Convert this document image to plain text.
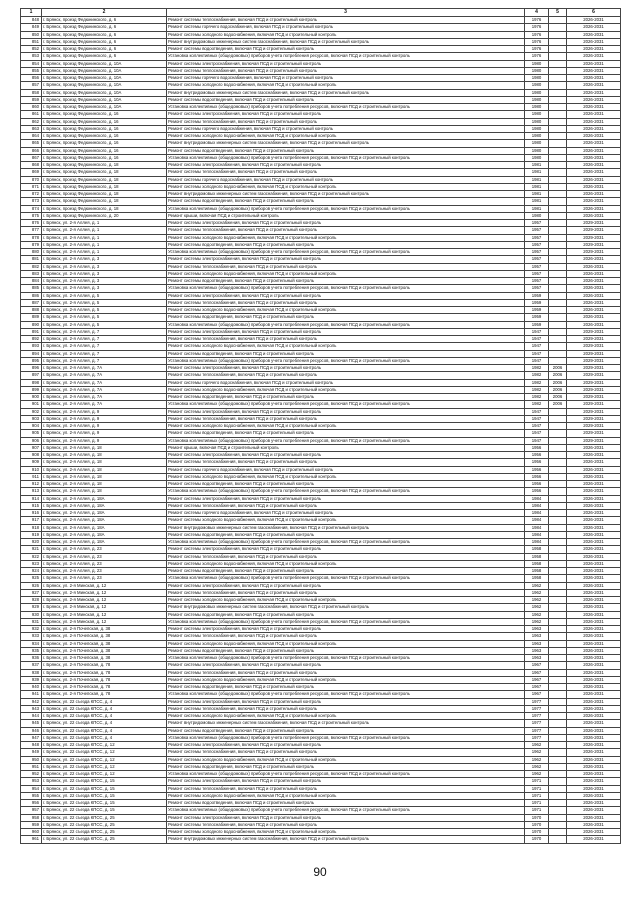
1	2	3	4	5	6
848	г. Брянск, проезд Федюнинского, д. 6	Ремонт системы теплоснабжения, включая ПСД и строительный контроль	1976		2026-2031
849	г. Брянск, проезд Федюнинского, д. 6	Ремонт системы горячего водоснабжения, включая ПСД и строительный контроль	1976		2026-2031
850	г. Брянск, проезд Федюнинского, д. 6	Ремонт системы холодного водоснабжения, включая ПСД и строительный контроль	1976		2026-2031
851	г. Брянск, проезд Федюнинского, д. 6	Ремонт внутридомовых инженерных систем газоснабжения, включая ПСД и строительный контроль	1976		2026-2031
852	г. Брянск, проезд Федюнинского, д. 6	Ремонт системы водоотведения, включая ПСД и строительный контроль	1976		2026-2031
853	г. Брянск, проезд Федюнинского, д. 6	Установка коллективных (общедомовых) приборов учета потребления ресурсов, включая ПСД и строительный контроль	1976		2026-2031
854	г. Брянск, проезд Федюнинского, д. 10А	Ремонт системы электроснабжения, включая ПСД и строительный контроль	1980		2026-2031
855	г. Брянск, проезд Федюнинского, д. 10А	Ремонт системы теплоснабжения, включая ПСД и строительный контроль	1980		2026-2031
856	г. Брянск, проезд Федюнинского, д. 10А	Ремонт системы горячего водоснабжения, включая ПСД и строительный контроль	1980		2026-2031
857	г. Брянск, проезд Федюнинского, д. 10А	Ремонт системы холодного водоснабжения, включая ПСД и строительный контроль	1980		2026-2031
858	г. Брянск, проезд Федюнинского, д. 10А	Ремонт внутридомовых инженерных систем газоснабжения, включая ПСД и строительный контроль	1980		2026-2031
859	г. Брянск, проезд Федюнинского, д. 10А	Ремонт системы водоотведения, включая ПСД и строительный контроль	1980		2026-2031
860	г. Брянск, проезд Федюнинского, д. 10А	Установка коллективных (общедомовых) приборов учета потребления ресурсов, включая ПСД и строительный контроль	1980		2026-2031
861	г. Брянск, проезд Федюнинского, д. 16	Ремонт системы электроснабжения, включая ПСД и строительный контроль	1980		2026-2031
862	г. Брянск, проезд Федюнинского, д. 16	Ремонт системы теплоснабжения, включая ПСД и строительный контроль	1980		2026-2031
863	г. Брянск, проезд Федюнинского, д. 16	Ремонт системы горячего водоснабжения, включая ПСД и строительный контроль	1980		2026-2031
864	г. Брянск, проезд Федюнинского, д. 16	Ремонт системы холодного водоснабжения, включая ПСД и строительный контроль	1980		2026-2031
865	г. Брянск, проезд Федюнинского, д. 16	Ремонт внутридомовых инженерных систем газоснабжения, включая ПСД и строительный контроль	1980		2026-2031
866	г. Брянск, проезд Федюнинского, д. 16	Ремонт системы водоотведения, включая ПСД и строительный контроль	1980		2026-2031
867	г. Брянск, проезд Федюнинского, д. 16	Установка коллективных (общедомовых) приборов учета потребления ресурсов, включая ПСД и строительный контроль	1980		2026-2031
868	г. Брянск, проезд Федюнинского, д. 18	Ремонт системы электроснабжения, включая ПСД и строительный контроль	1981		2026-2031
869	г. Брянск, проезд Федюнинского, д. 18	Ремонт системы теплоснабжения, включая ПСД и строительный контроль	1981		2026-2031
870	г. Брянск, проезд Федюнинского, д. 18	Ремонт системы горячего водоснабжения, включая ПСД и строительный контроль	1981		2026-2031
871	г. Брянск, проезд Федюнинского, д. 18	Ремонт системы холодного водоснабжения, включая ПСД и строительный контроль	1981		2026-2031
872	г. Брянск, проезд Федюнинского, д. 18	Ремонт внутридомовых инженерных систем газоснабжения, включая ПСД и строительный контроль	1981		2026-2031
873	г. Брянск, проезд Федюнинского, д. 18	Ремонт системы водоотведения, включая ПСД и строительный контроль	1981		2026-2031
874	г. Брянск, проезд Федюнинского, д. 18	Установка коллективных (общедомовых) приборов учета потребления ресурсов, включая ПСД и строительный контроль	1981		2026-2031
875	г. Брянск, проезд Федюнинского, д. 20	Ремонт крыши, включая ПСД и строительный контроль	1980		2026-2031
876	г. Брянск, ул. 2-я Аллея, д. 1	Ремонт системы электроснабжения, включая ПСД и строительный контроль	1957		2029-2031
877	г. Брянск, ул. 2-я Аллея, д. 1	Ремонт системы теплоснабжения, включая ПСД и строительный контроль	1957		2029-2031
878	г. Брянск, ул. 2-я Аллея, д. 1	Ремонт системы холодного водоснабжения, включая ПСД и строительный контроль	1957		2029-2031
879	г. Брянск, ул. 2-я Аллея, д. 1	Ремонт системы водоотведения, включая ПСД и строительный контроль	1957		2029-2031
880	г. Брянск, ул. 2-я Аллея, д. 1	Установка коллективных (общедомовых) приборов учета потребления ресурсов, включая ПСД и строительный контроль	1957		2029-2031
881	г. Брянск, ул. 2-я Аллея, д. 3	Ремонт системы электроснабжения, включая ПСД и строительный контроль	1957		2026-2031
882	г. Брянск, ул. 2-я Аллея, д. 3	Ремонт системы теплоснабжения, включая ПСД и строительный контроль	1957		2026-2031
883	г. Брянск, ул. 2-я Аллея, д. 3	Ремонт системы холодного водоснабжения, включая ПСД и строительный контроль	1957		2026-2031
884	г. Брянск, ул. 2-я Аллея, д. 3	Ремонт системы водоотведения, включая ПСД и строительный контроль	1957		2026-2031
885	г. Брянск, ул. 2-я Аллея, д. 3	Установка коллективных (общедомовых) приборов учета потребления ресурсов, включая ПСД и строительный контроль	1957		2026-2031
886	г. Брянск, ул. 2-я Аллея, д. 5	Ремонт системы электроснабжения, включая ПСД и строительный контроль	1959		2026-2031
887	г. Брянск, ул. 2-я Аллея, д. 5	Ремонт системы теплоснабжения, включая ПСД и строительный контроль	1959		2026-2031
888	г. Брянск, ул. 2-я Аллея, д. 5	Ремонт системы холодного водоснабжения, включая ПСД и строительный контроль	1959		2026-2031
889	г. Брянск, ул. 2-я Аллея, д. 5	Ремонт системы водоотведения, включая ПСД и строительный контроль	1959		2026-2031
890	г. Брянск, ул. 2-я Аллея, д. 5	Установка коллективных (общедомовых) приборов учета потребления ресурсов, включая ПСД и строительный контроль	1959		2026-2031
891	г. Брянск, ул. 2-я Аллея, д. 7	Ремонт системы электроснабжения, включая ПСД и строительный контроль	1947		2029-2031
892	г. Брянск, ул. 2-я Аллея, д. 7	Ремонт системы теплоснабжения, включая ПСД и строительный контроль	1947		2029-2031
893	г. Брянск, ул. 2-я Аллея, д. 7	Ремонт системы холодного водоснабжения, включая ПСД и строительный контроль	1947		2029-2031
894	г. Брянск, ул. 2-я Аллея, д. 7	Ремонт системы водоотведения, включая ПСД и строительный контроль	1947		2029-2031
895	г. Брянск, ул. 2-я Аллея, д. 7	Установка коллективных (общедомовых) приборов учета потребления ресурсов, включая ПСД и строительный контроль	1947		2029-2031
896	г. Брянск, ул. 2-я Аллея, д. 7А	Ремонт системы электроснабжения, включая ПСД и строительный контроль	1982	2006	2029-2031
897	г. Брянск, ул. 2-я Аллея, д. 7А	Ремонт системы теплоснабжения, включая ПСД и строительный контроль	1982	2006	2029-2031
898	г. Брянск, ул. 2-я Аллея, д. 7А	Ремонт системы горячего водоснабжения, включая ПСД и строительный контроль	1982	2006	2029-2031
899	г. Брянск, ул. 2-я Аллея, д. 7А	Ремонт системы холодного водоснабжения, включая ПСД и строительный контроль	1982	2006	2029-2031
900	г. Брянск, ул. 2-я Аллея, д. 7А	Ремонт системы водоотведения, включая ПСД и строительный контроль	1982	2006	2029-2031
901	г. Брянск, ул. 2-я Аллея, д. 7А	Установка коллективных (общедомовых) приборов учета потребления ресурсов, включая ПСД и строительный контроль	1982	2006	2029-2031
902	г. Брянск, ул. 2-я Аллея, д. 9	Ремонт системы электроснабжения, включая ПСД и строительный контроль	1947		2029-2031
903	г. Брянск, ул. 2-я Аллея, д. 9	Ремонт системы теплоснабжения, включая ПСД и строительный контроль	1947		2029-2031
904	г. Брянск, ул. 2-я Аллея, д. 9	Ремонт системы холодного водоснабжения, включая ПСД и строительный контроль	1947		2029-2031
905	г. Брянск, ул. 2-я Аллея, д. 9	Ремонт системы водоотведения, включая ПСД и строительный контроль	1947		2029-2031
906	г. Брянск, ул. 2-я Аллея, д. 9	Установка коллективных (общедомовых) приборов учета потребления ресурсов, включая ПСД и строительный контроль	1947		2029-2031
907	г. Брянск, ул. 2-я Аллея, д. 18	Ремонт крыши, включая ПСД и строительный контроль	1956		2026-2031
908	г. Брянск, ул. 2-я Аллея, д. 18	Ремонт системы электроснабжения, включая ПСД и строительный контроль	1956		2026-2031
909	г. Брянск, ул. 2-я Аллея, д. 18	Ремонт системы теплоснабжения, включая ПСД и строительный контроль	1956		2026-2031
910	г. Брянск, ул. 2-я Аллея, д. 18	Ремонт системы горячего водоснабжения, включая ПСД и строительный контроль	1956		2026-2031
911	г. Брянск, ул. 2-я Аллея, д. 18	Ремонт системы холодного водоснабжения, включая ПСД и строительный контроль	1956		2026-2031
912	г. Брянск, ул. 2-я Аллея, д. 18	Ремонт системы водоотведения, включая ПСД и строительный контроль	1956		2026-2031
913	г. Брянск, ул. 2-я Аллея, д. 18	Установка коллективных (общедомовых) приборов учета потребления ресурсов, включая ПСД и строительный контроль	1956		2026-2031
914	г. Брянск, ул. 2-я Аллея, д. 18А	Ремонт системы электроснабжения, включая ПСД и строительный контроль	1984		2026-2031
915	г. Брянск, ул. 2-я Аллея, д. 18А	Ремонт системы теплоснабжения, включая ПСД и строительный контроль	1984		2026-2031
916	г. Брянск, ул. 2-я Аллея, д. 18А	Ремонт системы горячего водоснабжения, включая ПСД и строительный контроль	1984		2026-2031
917	г. Брянск, ул. 2-я Аллея, д. 18А	Ремонт системы холодного водоснабжения, включая ПСД и строительный контроль	1984		2026-2031
918	г. Брянск, ул. 2-я Аллея, д. 18А	Ремонт внутридомовых инженерных систем газоснабжения, включая ПСД и строительный контроль	1984		2026-2031
919	г. Брянск, ул. 2-я Аллея, д. 18А	Ремонт системы водоотведения, включая ПСД и строительный контроль	1984		2026-2031
920	г. Брянск, ул. 2-я Аллея, д. 18А	Установка коллективных (общедомовых) приборов учета потребления ресурсов, включая ПСД и строительный контроль	1984		2026-2031
921	г. Брянск, ул. 2-я Аллея, д. 23	Ремонт системы электроснабжения, включая ПСД и строительный контроль	1958		2026-2031
922	г. Брянск, ул. 2-я Аллея, д. 23	Ремонт системы теплоснабжения, включая ПСД и строительный контроль	1958		2026-2031
923	г. Брянск, ул. 2-я Аллея, д. 23	Ремонт системы холодного водоснабжения, включая ПСД и строительный контроль	1958		2026-2031
924	г. Брянск, ул. 2-я Аллея, д. 23	Ремонт системы водоотведения, включая ПСД и строительный контроль	1958		2026-2031
925	г. Брянск, ул. 2-я Аллея, д. 23	Установка коллективных (общедомовых) приборов учета потребления ресурсов, включая ПСД и строительный контроль	1958		2026-2031
926	г. Брянск, ул. 2-я Минская, д. 12	Ремонт системы электроснабжения, включая ПСД и строительный контроль	1962		2026-2031
927	г. Брянск, ул. 2-я Минская, д. 12	Ремонт системы теплоснабжения, включая ПСД и строительный контроль	1962		2026-2031
928	г. Брянск, ул. 2-я Минская, д. 12	Ремонт системы холодного водоснабжения, включая ПСД и строительный контроль	1962		2026-2031
929	г. Брянск, ул. 2-я Минская, д. 12	Ремонт внутридомовых инженерных систем газоснабжения, включая ПСД и строительный контроль	1962		2026-2031
930	г. Брянск, ул. 2-я Минская, д. 12	Ремонт системы водоотведения, включая ПСД и строительный контроль	1962		2026-2031
931	г. Брянск, ул. 2-я Минская, д. 12	Установка коллективных (общедомовых) приборов учета потребления ресурсов, включая ПСД и строительный контроль	1962		2026-2031
932	г. Брянск, ул. 2-я Почепская, д. 38	Ремонт системы электроснабжения, включая ПСД и строительный контроль	1963		2026-2031
933	г. Брянск, ул. 2-я Почепская, д. 38	Ремонт системы теплоснабжения, включая ПСД и строительный контроль	1963		2026-2031
934	г. Брянск, ул. 2-я Почепская, д. 38	Ремонт системы холодного водоснабжения, включая ПСД и строительный контроль	1963		2026-2031
935	г. Брянск, ул. 2-я Почепская, д. 38	Ремонт системы водоотведения, включая ПСД и строительный контроль	1963		2026-2031
936	г. Брянск, ул. 2-я Почепская, д. 38	Установка коллективных (общедомовых) приборов учета потребления ресурсов, включая ПСД и строительный контроль	1963		2026-2031
937	г. Брянск, ул. 2-я Почепская, д. 78	Ремонт системы электроснабжения, включая ПСД и строительный контроль	1967		2026-2031
938	г. Брянск, ул. 2-я Почепская, д. 78	Ремонт системы теплоснабжения, включая ПСД и строительный контроль	1967		2026-2031
939	г. Брянск, ул. 2-я Почепская, д. 78	Ремонт системы холодного водоснабжения, включая ПСД и строительный контроль	1967		2026-2031
940	г. Брянск, ул. 2-я Почепская, д. 78	Ремонт системы водоотведения, включая ПСД и строительный контроль	1967		2026-2031
941	г. Брянск, ул. 2-я Почепская, д. 78	Установка коллективных (общедомовых) приборов учета потребления ресурсов, включая ПСД и строительный контроль	1967		2026-2031
942	г. Брянск, ул. 22 съезда КПСС, д. 4	Ремонт системы электроснабжения, включая ПСД и строительный контроль	1977		2026-2031
943	г. Брянск, ул. 22 съезда КПСС, д. 4	Ремонт системы теплоснабжения, включая ПСД и строительный контроль	1977		2026-2031
944	г. Брянск, ул. 22 съезда КПСС, д. 4	Ремонт системы холодного водоснабжения, включая ПСД и строительный контроль	1977		2026-2031
945	г. Брянск, ул. 22 съезда КПСС, д. 4	Ремонт внутридомовых инженерных систем газоснабжения, включая ПСД и строительный контроль	1977		2026-2031
946	г. Брянск, ул. 22 съезда КПСС, д. 4	Ремонт системы водоотведения, включая ПСД и строительный контроль	1977		2026-2031
947	г. Брянск, ул. 22 съезда КПСС, д. 4	Установка коллективных (общедомовых) приборов учета потребления ресурсов, включая ПСД и строительный контроль	1977		2026-2031
948	г. Брянск, ул. 22 съезда КПСС, д. 12	Ремонт системы электроснабжения, включая ПСД и строительный контроль	1962		2026-2031
949	г. Брянск, ул. 22 съезда КПСС, д. 12	Ремонт системы теплоснабжения, включая ПСД и строительный контроль	1962		2026-2031
950	г. Брянск, ул. 22 съезда КПСС, д. 12	Ремонт системы холодного водоснабжения, включая ПСД и строительный контроль	1962		2026-2031
951	г. Брянск, ул. 22 съезда КПСС, д. 12	Ремонт системы водоотведения, включая ПСД и строительный контроль	1962		2026-2031
952	г. Брянск, ул. 22 съезда КПСС, д. 12	Установка коллективных (общедомовых) приборов учета потребления ресурсов, включая ПСД и строительный контроль	1962		2026-2031
953	г. Брянск, ул. 22 съезда КПСС, д. 15	Ремонт системы электроснабжения, включая ПСД и строительный контроль	1971		2026-2031
954	г. Брянск, ул. 22 съезда КПСС, д. 15	Ремонт системы теплоснабжения, включая ПСД и строительный контроль	1971		2026-2031
955	г. Брянск, ул. 22 съезда КПСС, д. 15	Ремонт системы холодного водоснабжения, включая ПСД и строительный контроль	1971		2026-2031
956	г. Брянск, ул. 22 съезда КПСС, д. 15	Ремонт системы водоотведения, включая ПСД и строительный контроль	1971		2026-2031
957	г. Брянск, ул. 22 съезда КПСС, д. 15	Установка коллективных (общедомовых) приборов учета потребления ресурсов, включая ПСД и строительный контроль	1971		2026-2031
958	г. Брянск, ул. 22 съезда КПСС, д. 25	Ремонт системы электроснабжения, включая ПСД и строительный контроль	1970		2026-2031
959	г. Брянск, ул. 22 съезда КПСС, д. 25	Ремонт системы теплоснабжения, включая ПСД и строительный контроль	1970		2026-2031
960	г. Брянск, ул. 22 съезда КПСС, д. 25	Ремонт системы холодного водоснабжения, включая ПСД и строительный контроль	1970		2026-2031
961	г. Брянск, ул. 22 съезда КПСС, д. 25	Ремонт внутридомовых инженерных систем газоснабжения, включая ПСД и строительный контроль	1970		2026-2031
90
